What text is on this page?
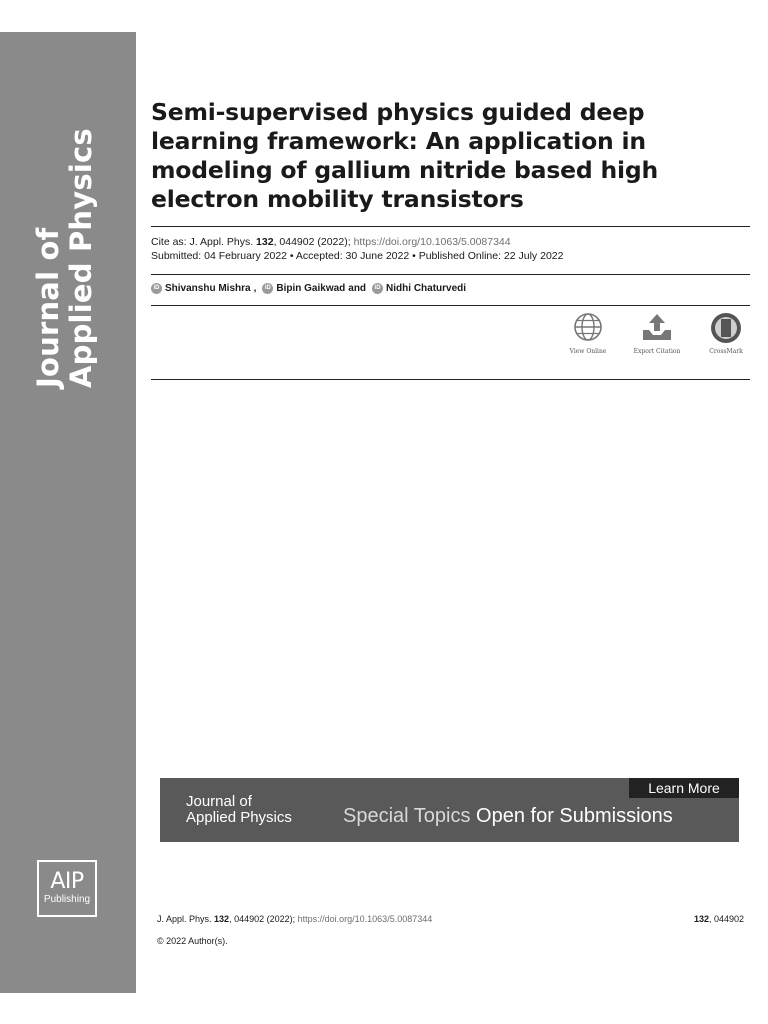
Journal of Applied Physics
AIP
Publishing
Semi-supervised physics guided deep learning framework: An application in modeling of gallium nitride based high electron mobility transistors
Cite as: J. Appl. Phys. 132, 044902 (2022); https://doi.org/10.1063/5.0087344
Submitted: 04 February 2022 • Accepted: 30 June 2022 • Published Online: 22 July 2022
iD Shivanshu Mishra ,	iD Bipin Gaikwad and	iD Nidhi Chaturvedi
View Online	Export Citation	CrossMark
Journal of
Applied Physics	Special Topics Open for Submissions
Learn More
J. Appl. Phys. 132, 044902 (2022); https://doi.org/10.1063/5.0087344	132, 044902
© 2022 Author(s).
